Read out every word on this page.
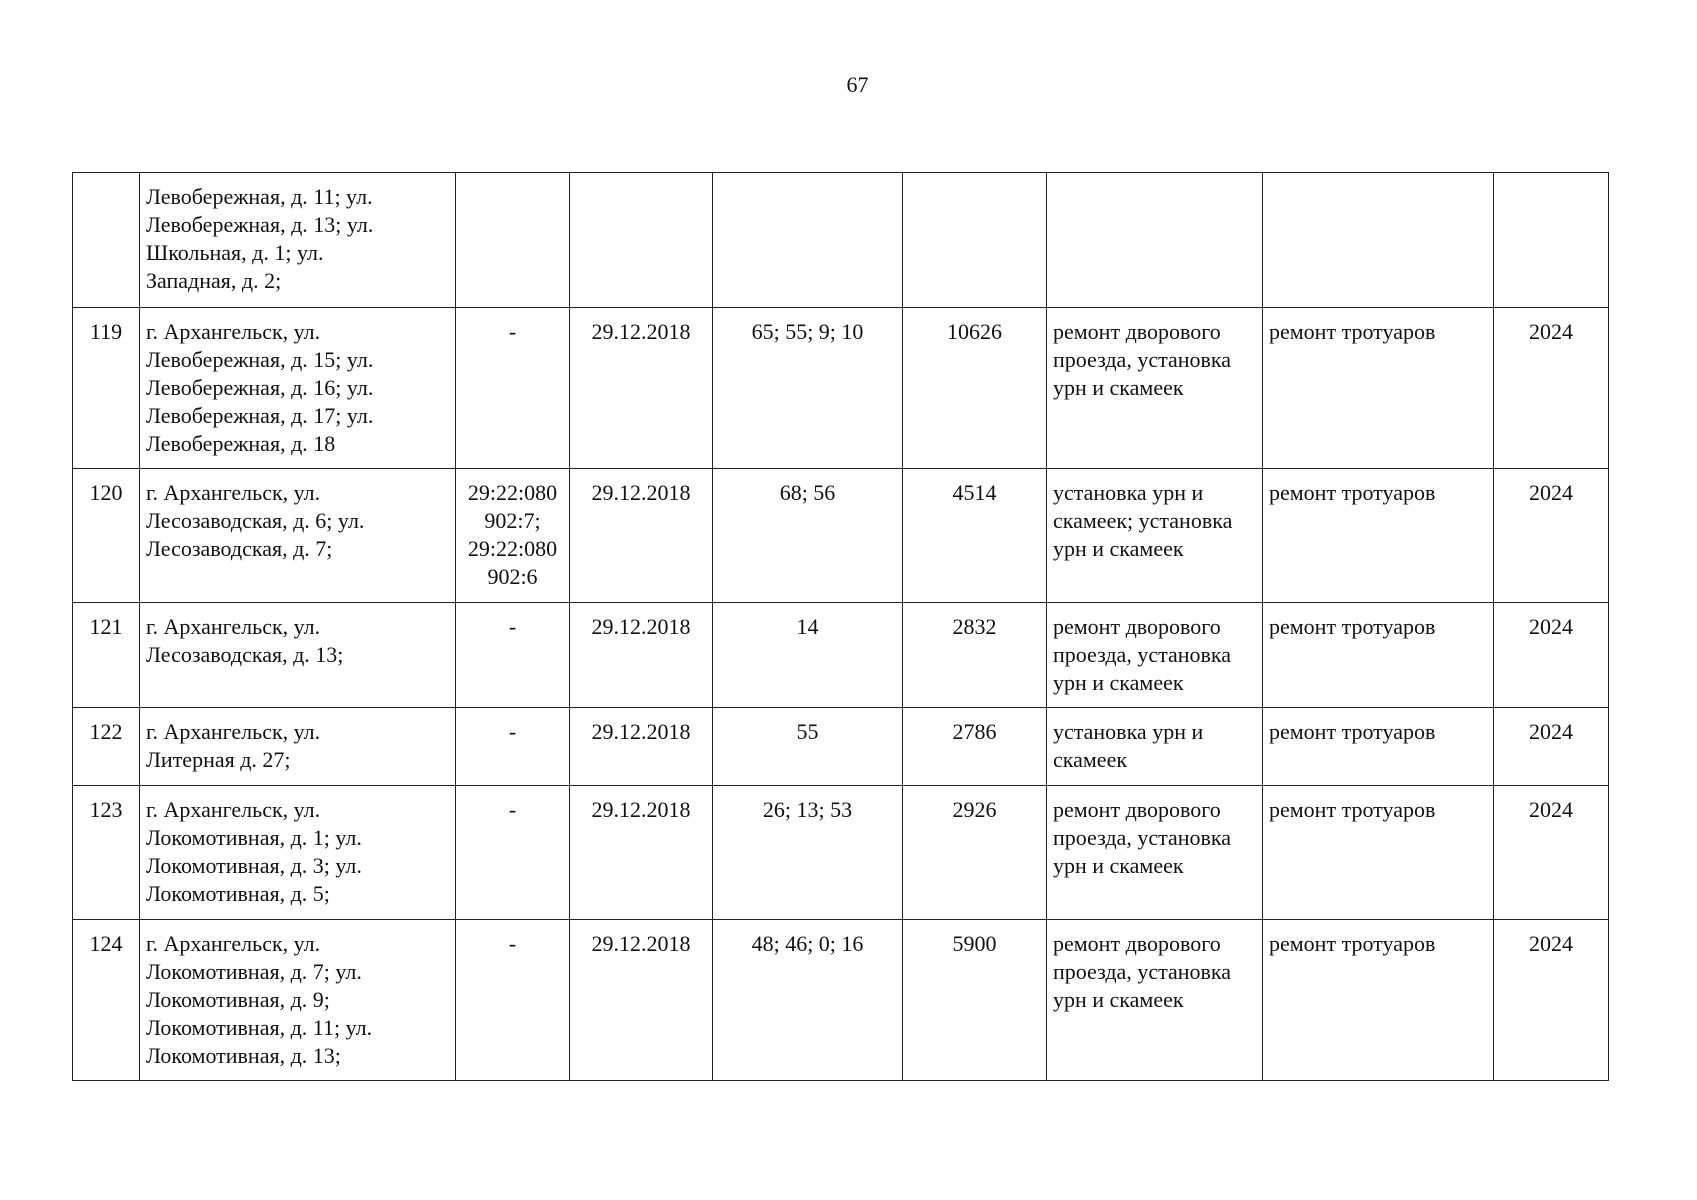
67

	Левобережная, д. 11; ул.
Левобережная, д. 13; ул.
Школьная, д. 1; ул.
Западная, д. 2;							

119	г. Архангельск, ул.
Левобережная, д. 15; ул.
Левобережная, д. 16; ул.
Левобережная, д. 17; ул.
Левобережная, д. 18	-	29.12.2018	65; 55; 9; 10	10626	ремонт дворового
проезда, установка
урн и скамеек	ремонт тротуаров	2024
120	г. Архангельск, ул.
Лесозаводская, д. 6; ул.
Лесозаводская, д. 7;	29:22:080
902:7;
29:22:080
902:6	29.12.2018	68; 56	4514	установка урн и
скамеек; установка
урн и скамеек	ремонт тротуаров	2024
121	г. Архангельск, ул.
Лесозаводская, д. 13;	-	29.12.2018	14	2832	ремонт дворового
проезда, установка
урн и скамеек	ремонт тротуаров	2024
122	г. Архангельск, ул.
Литерная д. 27;	-	29.12.2018	55	2786	установка урн и
скамеек	ремонт тротуаров	2024
123	г. Архангельск, ул.
Локомотивная, д. 1; ул.
Локомотивная, д. 3; ул.
Локомотивная, д. 5;	-	29.12.2018	26; 13; 53	2926	ремонт дворового
проезда, установка
урн и скамеек	ремонт тротуаров	2024
124	г. Архангельск, ул.
Локомотивная, д. 7; ул.
Локомотивная, д. 9;
Локомотивная, д. 11; ул.
Локомотивная, д. 13;	-	29.12.2018	48; 46; 0; 16	5900	ремонт дворового
проезда, установка
урн и скамеек	ремонт тротуаров	2024
